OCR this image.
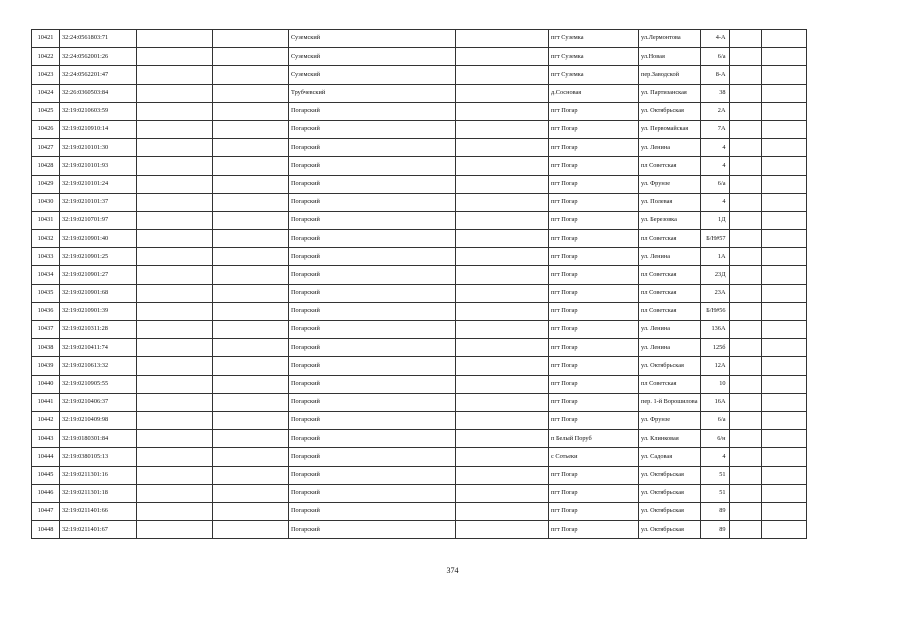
10421	32:24:0561803:71			Суземский		пгт Суземка	ул.Лермонтова	4-А		
10422	32:24:0562001:26			Суземский		пгт Суземка	ул.Новая	6/а		
10423	32:24:0562201:47			Суземский		пгт Суземка	пер.Заводской	8-А		
10424	32:26:0360503:84			Трубчевский		д.Сосновая	ул. Партизанская	38		
10425	32:19:0210603:59			Погарский		пгт Погар	ул. Октябрьская	2А		
10426	32:19:0210910:14			Погарский		пгт Погар	ул. Первомайская	7А		
10427	32:19:0210101:30			Погарский		пгт Погар	ул. Ленина	4		
10428	32:19:0210101:93			Погарский		пгт Погар	пл Советская	4		
10429	32:19:0210101:24			Погарский		пгт Погар	ул. Фрунзе	6/а		
10430	32:19:0210101:37			Погарский		пгт Погар	ул. Полевая	4		
10431	32:19:0210701:97			Погарский		пгт Погар	ул. Березовка	1Д		
10432	32:19:0210901:40			Погарский		пгт Погар	пл Советская	Б/Н#57		
10433	32:19:0210901:25			Погарский		пгт Погар	ул. Ленина	1А		
10434	32:19:0210901:27			Погарский		пгт Погар	пл Советская	23Д		
10435	32:19:0210901:68			Погарский		пгт Погар	пл Советская	23А		
10436	32:19:0210901:39			Погарский		пгт Погар	пл Советская	Б/Н#56		
10437	32:19:0210311:28			Погарский		пгт Погар	ул. Ленина	136А		
10438	32:19:0210411:74			Погарский		пгт Погар	ул. Ленина	125б		
10439	32:19:0210613:32			Погарский		пгт Погар	ул. Октябрьская	12А		
10440	32:19:0210905:55			Погарский		пгт Погар	пл Советская	10		
10441	32:19:0210406:37			Погарский		пгт Погар	пер. 1-й Ворошилова	16А		
10442	32:19:0210409:98			Погарский		пгт Погар	ул. Фрунзе	6/а		
10443	32:19:0180301:84			Погарский		п Белый Поруб	ул. Клинковая	6/н		
10444	32:19:0380105:13			Погарский		с Сотьеки	ул. Садовая	4		
10445	32:19:0211301:16			Погарский		пгт Погар	ул. Октябрьская	51		
10446	32:19:0211301:18			Погарский		пгт Погар	ул. Октябрьская	51		
10447	32:19:0211401:66			Погарский		пгт Погар	ул. Октябрьская	89		
10448	32:19:0211401:67			Погарский		пгт Погар	ул. Октябрьская	89		
374
